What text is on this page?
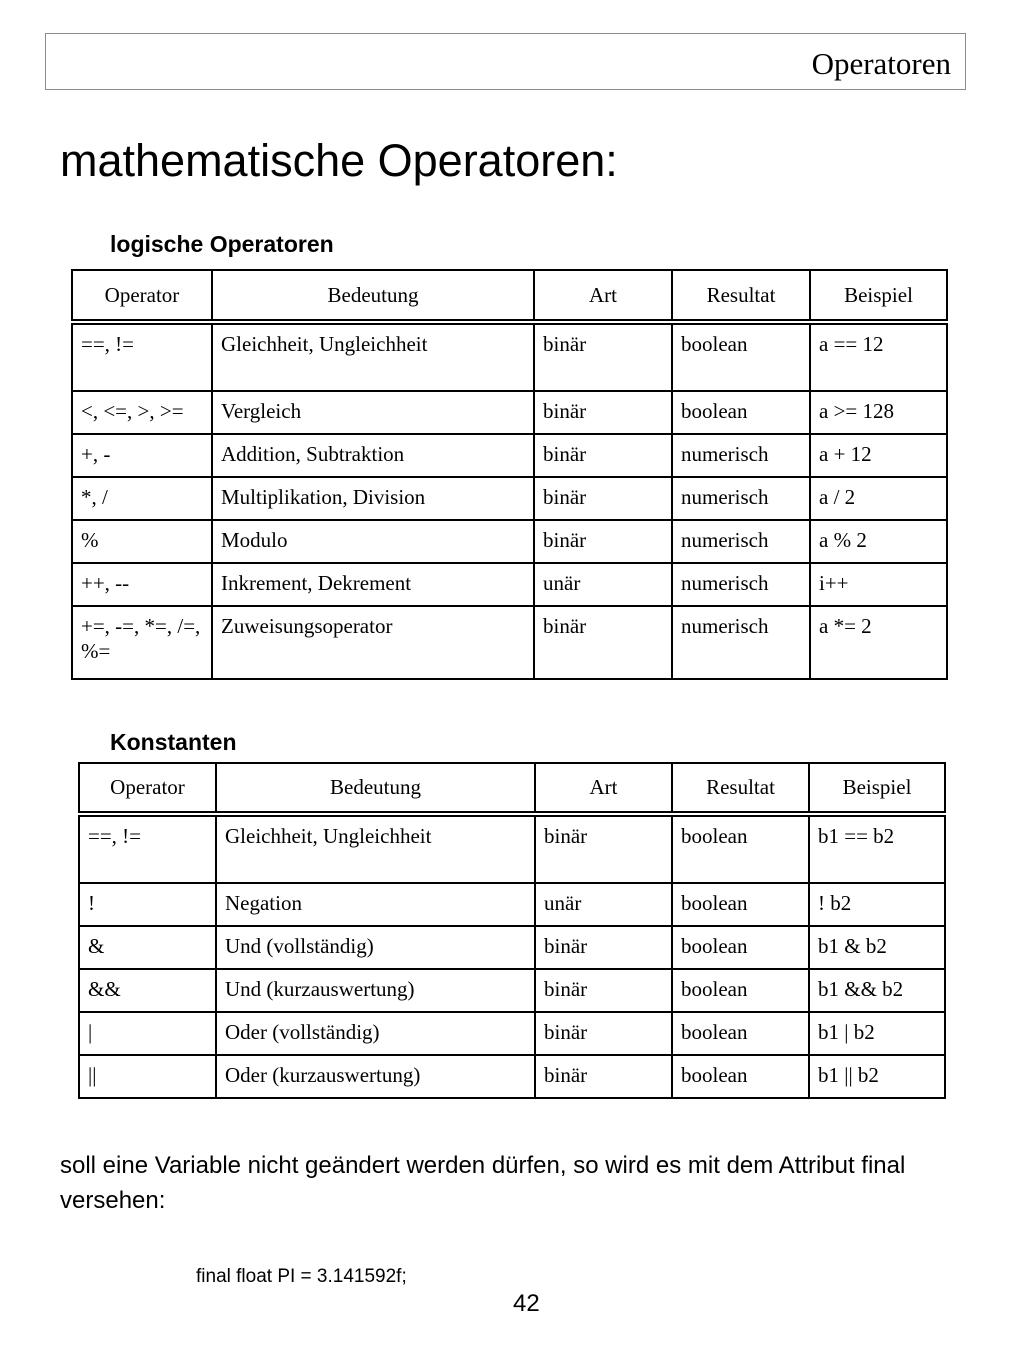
Operatoren
mathematische Operatoren:
logische Operatoren
Operator	Bedeutung	Art	Resultat	Beispiel
==, !=	Gleichheit, Ungleichheit	binär	boolean	a == 12
<, <=, >, >=	Vergleich	binär	boolean	a >= 128
+, -	Addition, Subtraktion	binär	numerisch	a + 12
*, /	Multiplikation, Division	binär	numerisch	a / 2
%	Modulo	binär	numerisch	a % 2
++, --	Inkrement, Dekrement	unär	numerisch	i++
+=, -=, *=, /=, %=	Zuweisungsoperator	binär	numerisch	a *= 2
Konstanten
Operator	Bedeutung	Art	Resultat	Beispiel
==, !=	Gleichheit, Ungleichheit	binär	boolean	b1 == b2
!	Negation	unär	boolean	! b2
&	Und (vollständig)	binär	boolean	b1 & b2
&&	Und (kurzauswertung)	binär	boolean	b1 && b2
|	Oder (vollständig)	binär	boolean	b1 | b2
||	Oder (kurzauswertung)	binär	boolean	b1 || b2

soll eine Variable nicht geändert werden dürfen, so wird es mit dem Attribut final versehen:

final float PI = 3.141592f;
42
